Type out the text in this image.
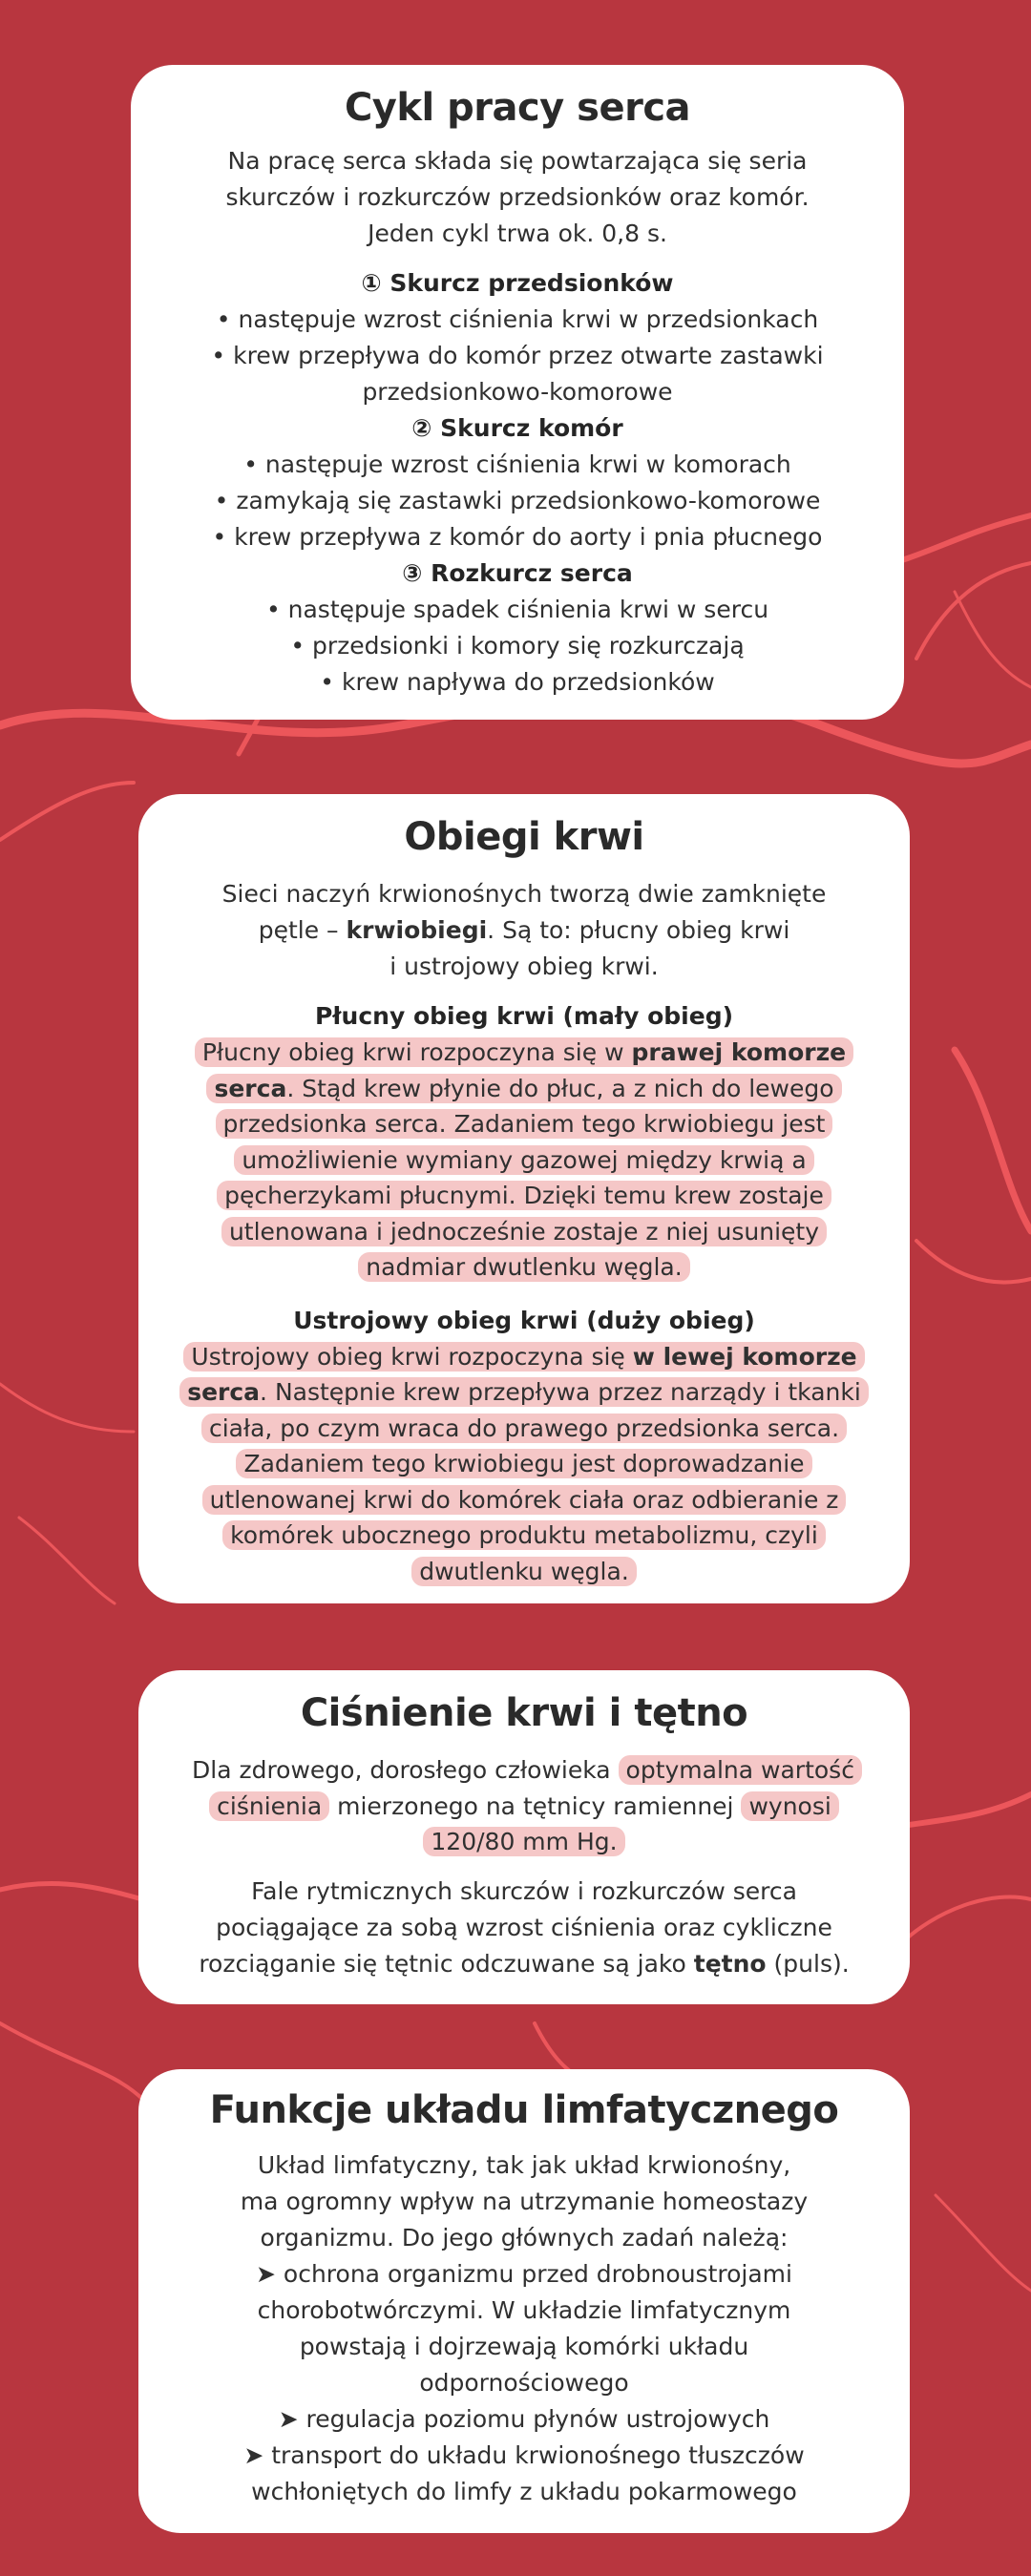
Cykl pracy serca

Na pracę serca składa się powtarzająca się seria

skurczów i rozkurczów przedsionków oraz komór.

Jeden cykl trwa ok. 0,8 s.

① Skurcz przedsionków

• następuje wzrost ciśnienia krwi w przedsionkach

• krew przepływa do komór przez otwarte zastawki

przedsionkowo-komorowe

② Skurcz komór

• następuje wzrost ciśnienia krwi w komorach

• zamykają się zastawki przedsionkowo-komorowe

• krew przepływa z komór do aorty i pnia płucnego

③ Rozkurcz serca

• następuje spadek ciśnienia krwi w sercu

• przedsionki i komory się rozkurczają

• krew napływa do przedsionków

Obiegi krwi

Sieci naczyń krwionośnych tworzą dwie zamknięte

pętle – krwiobiegi. Są to: płucny obieg krwi

i ustrojowy obieg krwi.

Płucny obieg krwi (mały obieg)

Płucny obieg krwi rozpoczyna się w prawej komorze serca. Stąd krew płynie do płuc, a z nich do lewego przedsionka serca. Zadaniem tego krwiobiegu jest umożliwienie wymiany gazowej między krwią a pęcherzykami płucnymi. Dzięki temu krew zostaje utlenowana i jednocześnie zostaje z niej usunięty nadmiar dwutlenku węgla.

Ustrojowy obieg krwi (duży obieg)

Ustrojowy obieg krwi rozpoczyna się w lewej komorze serca. Następnie krew przepływa przez narządy i tkanki ciała, po czym wraca do prawego przedsionka serca. Zadaniem tego krwiobiegu jest doprowadzanie utlenowanej krwi do komórek ciała oraz odbieranie z komórek ubocznego produktu metabolizmu, czyli dwutlenku węgla.

Ciśnienie krwi i tętno

Dla zdrowego, dorosłego człowieka optymalna wartość ciśnienia mierzonego na tętnicy ramiennej wynosi 120/80 mm Hg.

Fale rytmicznych skurczów i rozkurczów serca pociągające za sobą wzrost ciśnienia oraz cykliczne rozciąganie się tętnic odczuwane są jako tętno (puls).

Funkcje układu limfatycznego

Układ limfatyczny, tak jak układ krwionośny,

ma ogromny wpływ na utrzymanie homeostazy

organizmu. Do jego głównych zadań należą:

➤ ochrona organizmu przed drobnoustrojami

chorobotwórczymi. W układzie limfatycznym

powstają i dojrzewają komórki układu

odpornościowego

➤ regulacja poziomu płynów ustrojowych

➤ transport do układu krwionośnego tłuszczów

wchłoniętych do limfy z układu pokarmowego
